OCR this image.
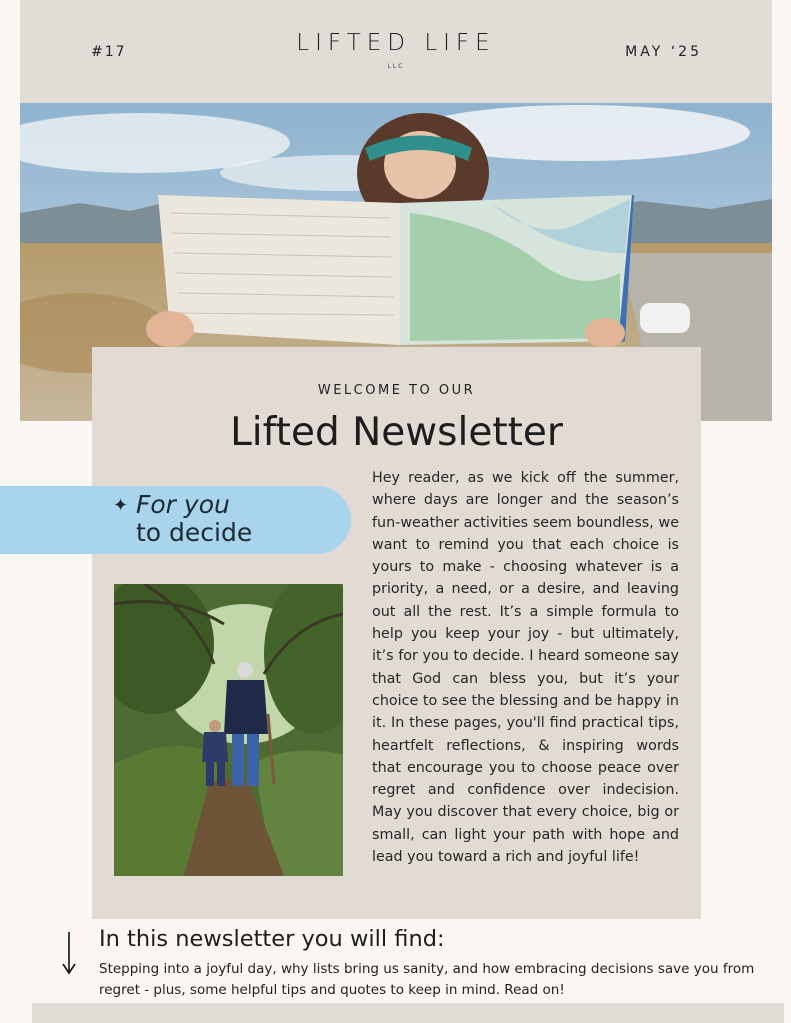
#17	LIFTED LIFE
LLC
MAY ‘25
WELCOME TO OUR
Lifted Newsletter
✦ For you
to decide
Hey reader, as we kick off the summer, where days are longer and the season’s fun-weather activities seem boundless, we want to remind you that each choice is yours to make - choosing whatever is a priority, a need, or a desire, and leaving out all the rest. It’s a simple formula to help you keep your joy - but ultimately, it’s for you to decide. I heard someone say that God can bless you, but it’s your choice to see the blessing and be happy in it. In these pages, you'll find practical tips, heartfelt reflections, & inspiring words that encourage you to choose peace over regret and confidence over indecision. May you discover that every choice, big or small, can light your path with hope and lead you toward a rich and joyful life!
In this newsletter you will find:
Stepping into a joyful day, why lists bring us sanity, and how embracing decisions save you from regret - plus, some helpful tips and quotes to keep in mind. Read on!
